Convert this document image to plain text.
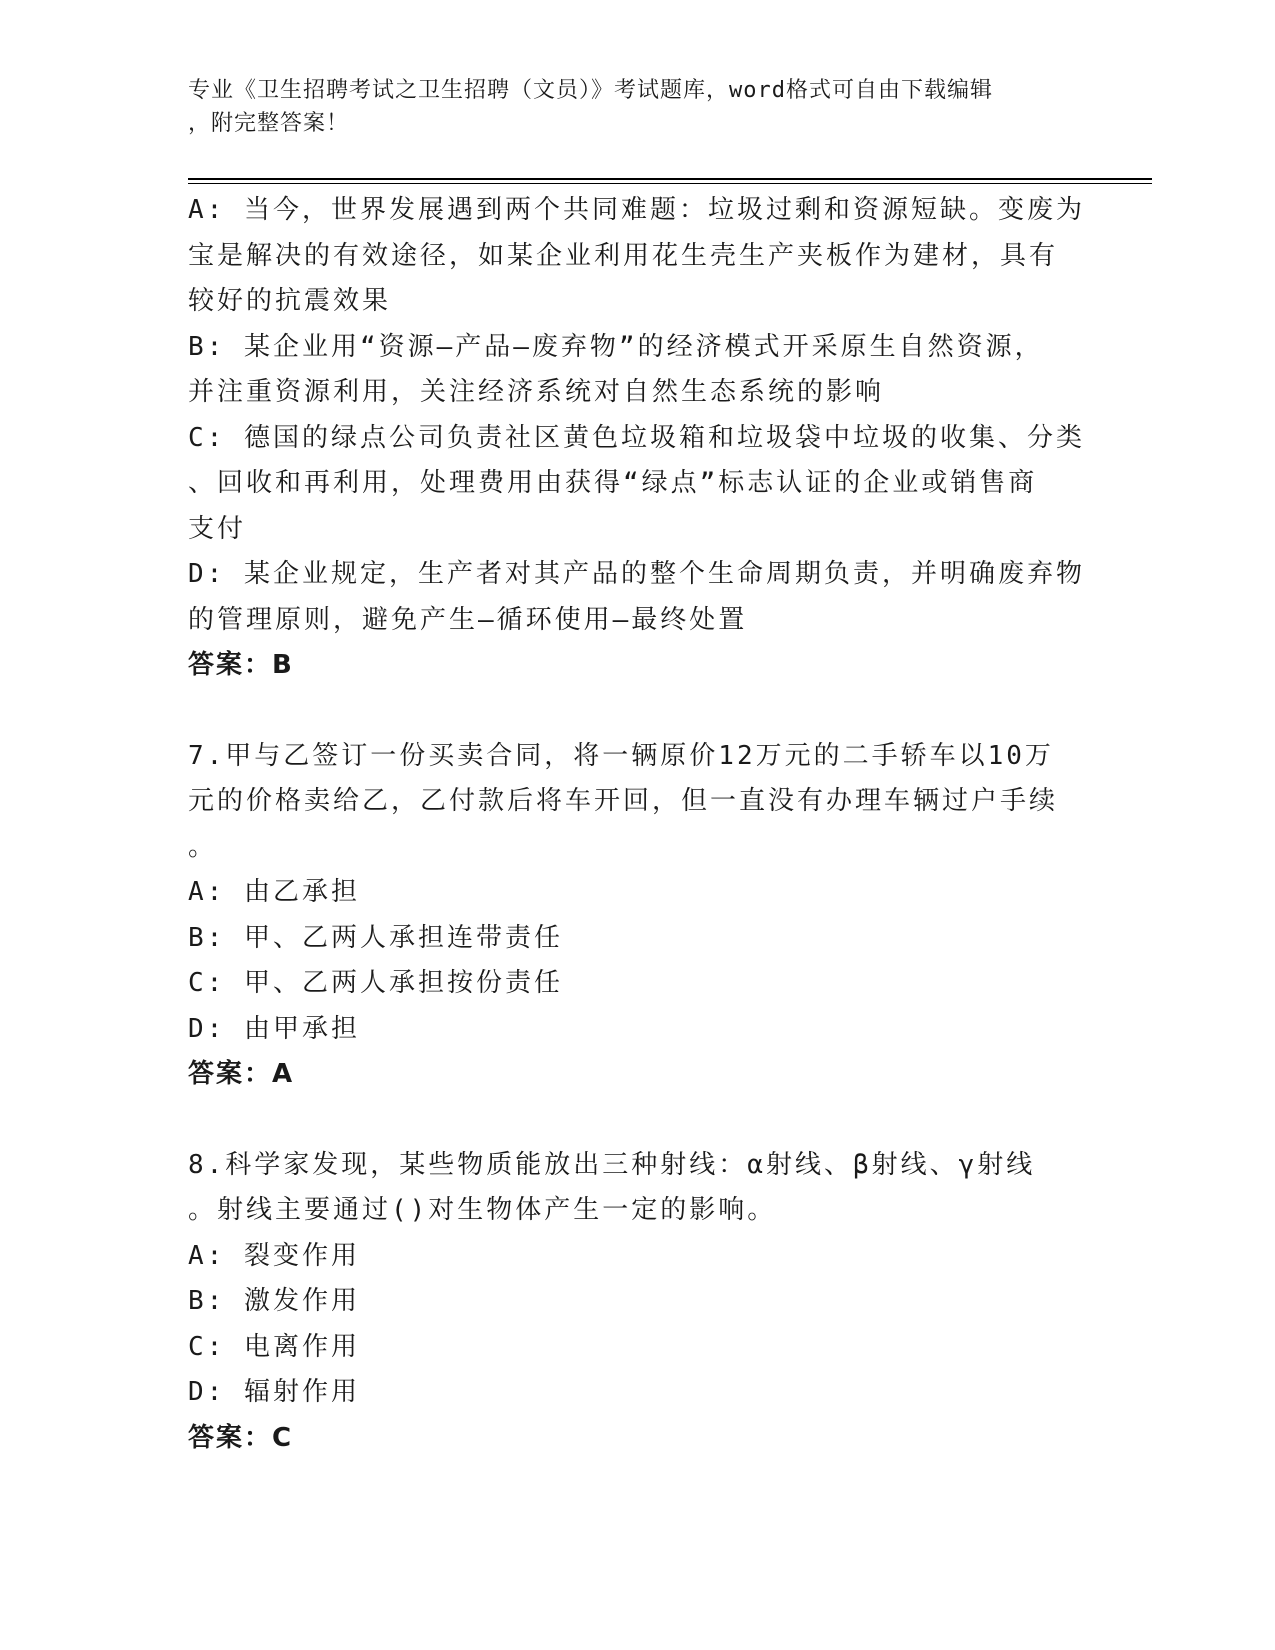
专业《卫生招聘考试之卫生招聘（文员）》考试题库，word格式可自由下载编辑
，附完整答案！
A: 当今，世界发展遇到两个共同难题：垃圾过剩和资源短缺。变废为
宝是解决的有效途径，如某企业利用花生壳生产夹板作为建材，具有
较好的抗震效果
B: 某企业用“资源—产品—废弃物”的经济模式开采原生自然资源，
并注重资源利用，关注经济系统对自然生态系统的影响
C: 德国的绿点公司负责社区黄色垃圾箱和垃圾袋中垃圾的收集、分类
、回收和再利用，处理费用由获得“绿点”标志认证的企业或销售商
支付
D: 某企业规定，生产者对其产品的整个生命周期负责，并明确废弃物
的管理原则，避免产生—循环使用—最终处置
答案：B
7.甲与乙签订一份买卖合同，将一辆原价12万元的二手轿车以10万
元的价格卖给乙，乙付款后将车开回，但一直没有办理车辆过户手续
。
A: 由乙承担
B: 甲、乙两人承担连带责任
C: 甲、乙两人承担按份责任
D: 由甲承担
答案：A
8.科学家发现，某些物质能放出三种射线：α射线、β射线、γ射线
。射线主要通过()对生物体产生一定的影响。
A: 裂变作用
B: 激发作用
C: 电离作用
D: 辐射作用
答案：C
